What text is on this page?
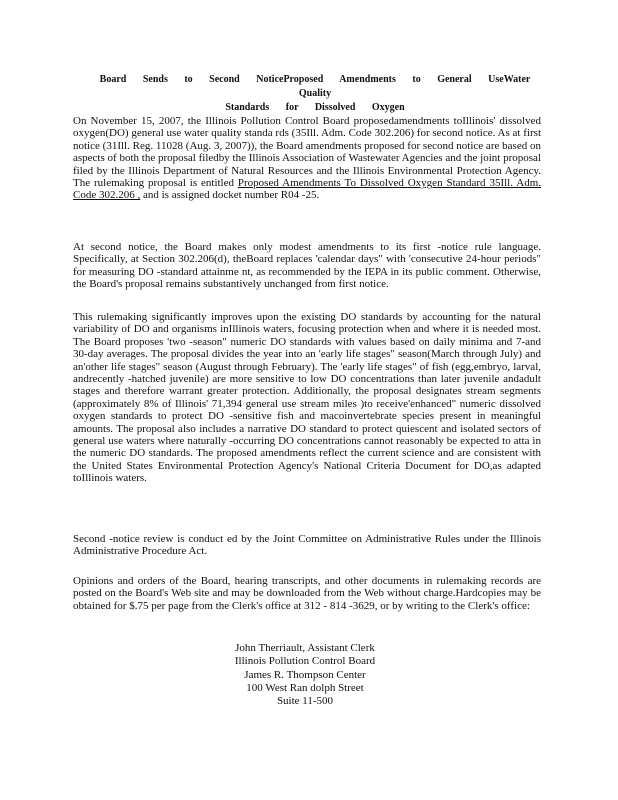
Board Sends to Second NoticeProposed Amendments to General UseWater Quality
Standards for Dissolved Oxygen

On November 15, 2007, the Illinois Pollution Control Board proposedamendments toIllinois' dissolved oxygen(DO) general use water quality standa rds (35Ill. Adm. Code 302.206) for second notice. As at first notice (31Ill. Reg. 11028 (Aug. 3, 2007)), the Board amendments proposed for second notice are based on aspects of both the proposal filedby the Illinois Association of Wastewater Agencies and the joint proposal filed by the Illinois Department of Natural Resources and the Illinois Environmental Protection Agency. The rulemaking proposal is entitled Proposed Amendments To Dissolved Oxygen Standard 35Ill. Adm. Code 302.206 , and is assigned docket number R04 -25.

At second notice, the Board makes only modest amendments to its first -notice rule language. Specifically, at Section 302.206(d), theBoard replaces 'calendar days" with 'consecutive 24-hour periods" for measuring DO -standard attainme nt, as recommended by the IEPA in its public comment. Otherwise, the Board's proposal remains substantively unchanged from first notice.

This rulemaking significantly improves upon the existing DO standards by accounting for the natural variability of DO and organisms inIllinois waters, focusing protection when and where it is needed most. The Board proposes 'two -season" numeric DO standards with values based on daily minima and 7-and 30-day averages. The proposal divides the year into an 'early life stages" season(March through July) and an'other life stages" season (August through February). The 'early life stages" of fish (egg,embryo, larval, andrecently -hatched juvenile) are more sensitive to low DO concentrations than later juvenile andadult stages and therefore warrant greater protection. Additionally, the proposal designates stream segments (approximately 8% of Illinois' 71,394 general use stream miles )to receive'enhanced" numeric dissolved oxygen standards to protect DO -sensitive fish and macoinvertebrate species present in meaningful amounts. The proposal also includes a narrative DO standard to protect quiescent and isolated sectors of general use waters where naturally -occurring DO concentrations cannot reasonably be expected to atta in the numeric DO standards. The proposed amendments reflect the current science and are consistent with the United States Environmental Protection Agency's National Criteria Document for DO,as adapted toIllinois waters.

Second -notice review is conduct ed by the Joint Committee on Administrative Rules under the Illinois Administrative Procedure Act.

Opinions and orders of the Board, hearing transcripts, and other documents in rulemaking records are posted on the Board's Web site and may be downloaded from the Web without charge.Hardcopies may be obtained for $.75 per page from the Clerk's office at 312 - 814 -3629, or by writing to the Clerk's office:

John Therriault, Assistant Clerk
Illinois Pollution Control Board
James R. Thompson Center
100 West Ran dolph Street
Suite 11-500
